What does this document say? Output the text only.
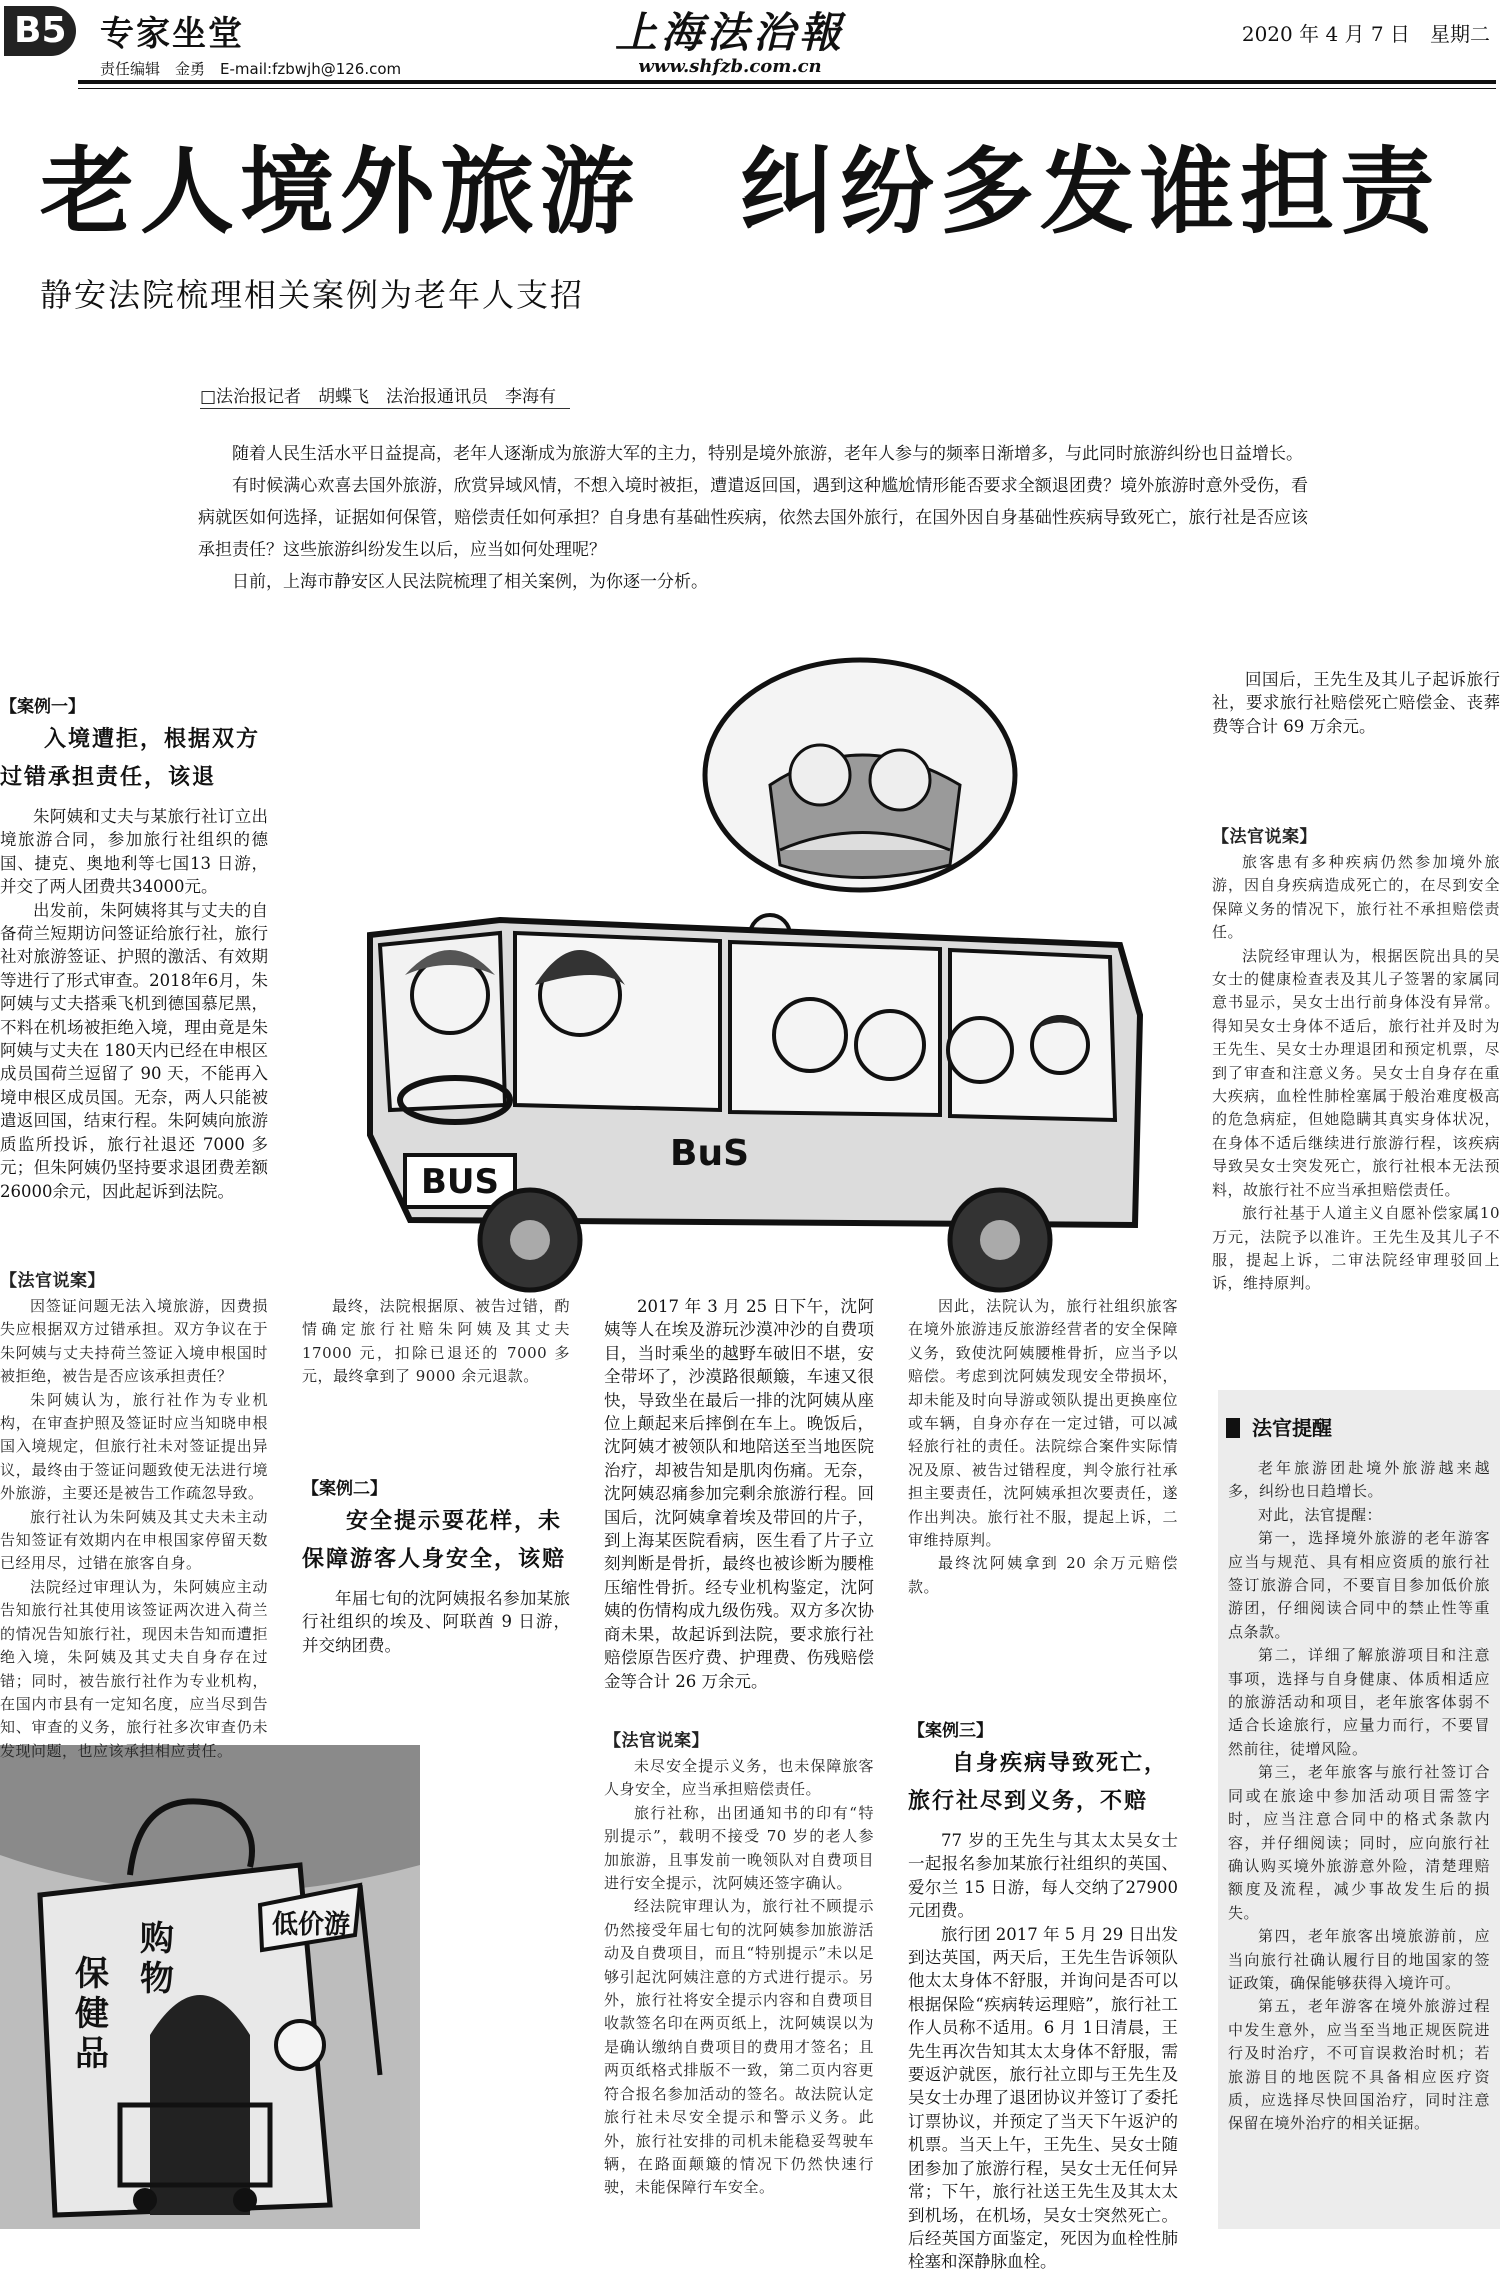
B5 专家坐堂
责任编辑　金勇　E-mail:fzbwjh@126.com
上海法治報
www.shfzb.com.cn
2020 年 4 月 7 日　星期二
老人境外旅游　纠纷多发谁担责
静安法院梳理相关案例为老年人支招
□法治报记者　胡蝶飞　法治报通讯员　李海有

随着人民生活水平日益提高，老年人逐渐成为旅游大军的主力，特别是境外旅游，老年人参与的频率日渐增多，与此同时旅游纠纷也日益增长。

有时候满心欢喜去国外旅游，欣赏异域风情，不想入境时被拒，遭遣返回国，遇到这种尴尬情形能否要求全额退团费？境外旅游时意外受伤，看病就医如何选择，证据如何保管，赔偿责任如何承担？自身患有基础性疾病，依然去国外旅行，在国外因自身基础性疾病导致死亡，旅行社是否应该承担责任？这些旅游纠纷发生以后，应当如何处理呢？

日前，上海市静安区人民法院梳理了相关案例，为你逐一分析。

BUS
BuS
保健品
购物
低价游
【案例一】
入境遭拒，根据双方
过错承担责任，该退

朱阿姨和丈夫与某旅行社订立出境旅游合同，参加旅行社组织的德国、捷克、奥地利等七国13 日游，并交了两人团费共34000元。

出发前，朱阿姨将其与丈夫的自备荷兰短期访问签证给旅行社，旅行社对旅游签证、护照的激活、有效期等进行了形式审查。2018年6月，朱阿姨与丈夫搭乘飞机到德国慕尼黑，不料在机场被拒绝入境，理由竟是朱阿姨与丈夫在 180天内已经在申根区成员国荷兰逗留了 90 天，不能再入境申根区成员国。无奈，两人只能被遣返回国，结束行程。朱阿姨向旅游质监所投诉，旅行社退还 7000 多元；但朱阿姨仍坚持要求退团费差额 26000余元，因此起诉到法院。

【法官说案】

因签证问题无法入境旅游，因费损失应根据双方过错承担。双方争议在于朱阿姨与丈夫持荷兰签证入境申根国时被拒绝，被告是否应该承担责任？

朱阿姨认为，旅行社作为专业机构，在审查护照及签证时应当知晓申根国入境规定，但旅行社未对签证提出异议，最终由于签证问题致使无法进行境外旅游，主要还是被告工作疏忽导致。

旅行社认为朱阿姨及其丈夫未主动告知签证有效期内在申根国家停留天数已经用尽，过错在旅客自身。

法院经过审理认为，朱阿姨应主动告知旅行社其使用该签证两次进入荷兰的情况告知旅行社，现因未告知而遭拒绝入境，朱阿姨及其丈夫自身存在过错；同时，被告旅行社作为专业机构，在国内市县有一定知名度，应当尽到告知、审查的义务，旅行社多次审查仍未发现问题，也应该承担相应责任。

最终，法院根据原、被告过错，酌情确定旅行社赔朱阿姨及其丈夫 17000 元，扣除已退还的 7000 多元，最终拿到了 9000 余元退款。

【案例二】
安全提示耍花样，未
保障游客人身安全，该赔

年届七旬的沈阿姨报名参加某旅行社组织的埃及、阿联酋 9 日游，并交纳团费。

2017 年 3 月 25 日下午，沈阿姨等人在埃及游玩沙漠冲沙的自费项目，当时乘坐的越野车破旧不堪，安全带坏了，沙漠路很颠簸，车速又很快，导致坐在最后一排的沈阿姨从座位上颠起来后摔倒在车上。晚饭后，沈阿姨才被领队和地陪送至当地医院治疗，却被告知是肌肉伤痛。无奈，沈阿姨忍痛参加完剩余旅游行程。回国后，沈阿姨拿着埃及带回的片子，到上海某医院看病，医生看了片子立刻判断是骨折，最终也被诊断为腰椎压缩性骨折。经专业机构鉴定，沈阿姨的伤情构成九级伤残。双方多次协商未果，故起诉到法院，要求旅行社赔偿原告医疗费、护理费、伤残赔偿金等合计 26 万余元。

【法官说案】

未尽安全提示义务，也未保障旅客人身安全，应当承担赔偿责任。

旅行社称，出团通知书的印有“特别提示”，载明不接受 70 岁的老人参加旅游，且事发前一晚领队对自费项目进行安全提示，沈阿姨还签字确认。

经法院审理认为，旅行社不顾提示仍然接受年届七旬的沈阿姨参加旅游活动及自费项目，而且“特别提示”未以足够引起沈阿姨注意的方式进行提示。另外，旅行社将安全提示内容和自费项目收款签名印在两页纸上，沈阿姨误以为是确认缴纳自费项目的费用才签名；且两页纸格式排版不一致，第二页内容更符合报名参加活动的签名。故法院认定旅行社未尽安全提示和警示义务。此外，旅行社安排的司机未能稳妥驾驶车辆，在路面颠簸的情况下仍然快速行驶，未能保障行车安全。

因此，法院认为，旅行社组织旅客在境外旅游违反旅游经营者的安全保障义务，致使沈阿姨腰椎骨折，应当予以赔偿。考虑到沈阿姨发现安全带损坏，却未能及时向导游或领队提出更换座位或车辆，自身亦存在一定过错，可以减轻旅行社的责任。法院综合案件实际情况及原、被告过错程度，判令旅行社承担主要责任，沈阿姨承担次要责任，遂作出判决。旅行社不服，提起上诉，二审维持原判。

最终沈阿姨拿到 20 余万元赔偿款。

【案例三】
自身疾病导致死亡，
旅行社尽到义务，不赔

77 岁的王先生与其太太吴女士一起报名参加某旅行社组织的英国、爱尔兰 15 日游，每人交纳了27900 元团费。

旅行团 2017 年 5 月 29 日出发到达英国，两天后，王先生告诉领队他太太身体不舒服，并询问是否可以根据保险“疾病转运理赔”，旅行社工作人员称不适用。6 月 1日清晨，王先生再次告知其太太身体不舒服，需要返沪就医，旅行社立即与王先生及吴女士办理了退团协议并签订了委托订票协议，并预定了当天下午返沪的机票。当天上午，王先生、吴女士随团参加了旅游行程，吴女士无任何异常；下午，旅行社送王先生及其太太到机场，在机场，吴女士突然死亡。后经英国方面鉴定，死因为血栓性肺栓塞和深静脉血栓。

回国后，王先生及其儿子起诉旅行社，要求旅行社赔偿死亡赔偿金、丧葬费等合计 69 万余元。

【法官说案】

旅客患有多种疾病仍然参加境外旅游，因自身疾病造成死亡的，在尽到安全保障义务的情况下，旅行社不承担赔偿责任。

法院经审理认为，根据医院出具的吴女士的健康检查表及其儿子签署的家属同意书显示，吴女士出行前身体没有异常。得知吴女士身体不适后，旅行社并及时为王先生、吴女士办理退团和预定机票，尽到了审查和注意义务。吴女士自身存在重大疾病，血栓性肺栓塞属于般治难度极高的危急病症，但她隐瞒其真实身体状况，在身体不适后继续进行旅游行程，该疾病导致吴女士突发死亡，旅行社根本无法预料，故旅行社不应当承担赔偿责任。

旅行社基于人道主义自愿补偿家属10 万元，法院予以准许。王先生及其儿子不服，提起上诉，二审法院经审理驳回上诉，维持原判。

法官提醒

老年旅游团赴境外旅游越来越多，纠纷也日趋增长。

对此，法官提醒：

第一，选择境外旅游的老年游客应当与规范、具有相应资质的旅行社签订旅游合同，不要盲目参加低价旅游团，仔细阅读合同中的禁止性等重点条款。

第二，详细了解旅游项目和注意事项，选择与自身健康、体质相适应的旅游活动和项目，老年旅客体弱不适合长途旅行，应量力而行，不要冒然前往，徒增风险。

第三，老年旅客与旅行社签订合同或在旅途中参加活动项目需签字时，应当注意合同中的格式条款内容，并仔细阅读；同时，应向旅行社确认购买境外旅游意外险，清楚理赔额度及流程，减少事故发生后的损失。

第四，老年旅客出境旅游前，应当向旅行社确认履行目的地国家的签证政策，确保能够获得入境许可。

第五，老年游客在境外旅游过程中发生意外，应当至当地正规医院进行及时治疗，不可盲误救治时机；若旅游目的地医院不具备相应医疗资质，应选择尽快回国治疗，同时注意保留在境外治疗的相关证据。
